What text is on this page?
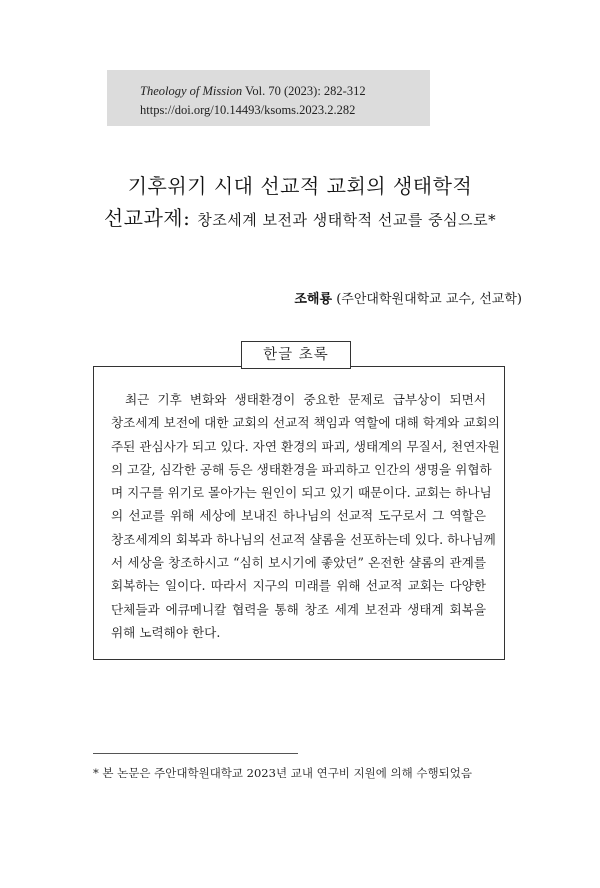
Theology of Mission Vol. 70 (2023): 282-312
https://doi.org/10.14493/ksoms.2023.2.282
기후위기 시대 선교적 교회의 생태학적
선교과제: 창조세계 보전과 생태학적 선교를 중심으로*
조해룡 (주안대학원대학교 교수, 선교학)
한글 초록
최근 기후 변화와 생태환경이 중요한 문제로 급부상이 되면서
창조세계 보전에 대한 교회의 선교적 책임과 역할에 대해 학계와 교회의
주된 관심사가 되고 있다. 자연 환경의 파괴, 생태계의 무질서, 천연자원
의 고갈, 심각한 공해 등은 생태환경을 파괴하고 인간의 생명을 위협하
며 지구를 위기로 몰아가는 원인이 되고 있기 때문이다. 교회는 하나님
의 선교를 위해 세상에 보내진 하나님의 선교적 도구로서 그 역할은
창조세계의 회복과 하나님의 선교적 샬롬을 선포하는데 있다. 하나님께
서 세상을 창조하시고 “심히 보시기에 좋았던” 온전한 샬롬의 관계를
회복하는 일이다. 따라서 지구의 미래를 위해 선교적 교회는 다양한
단체들과 에큐메니칼 협력을 통해 창조 세계 보전과 생태계 회복을
위해 노력해야 한다.
* 본 논문은 주안대학원대학교 2023년 교내 연구비 지원에 의해 수행되었음
